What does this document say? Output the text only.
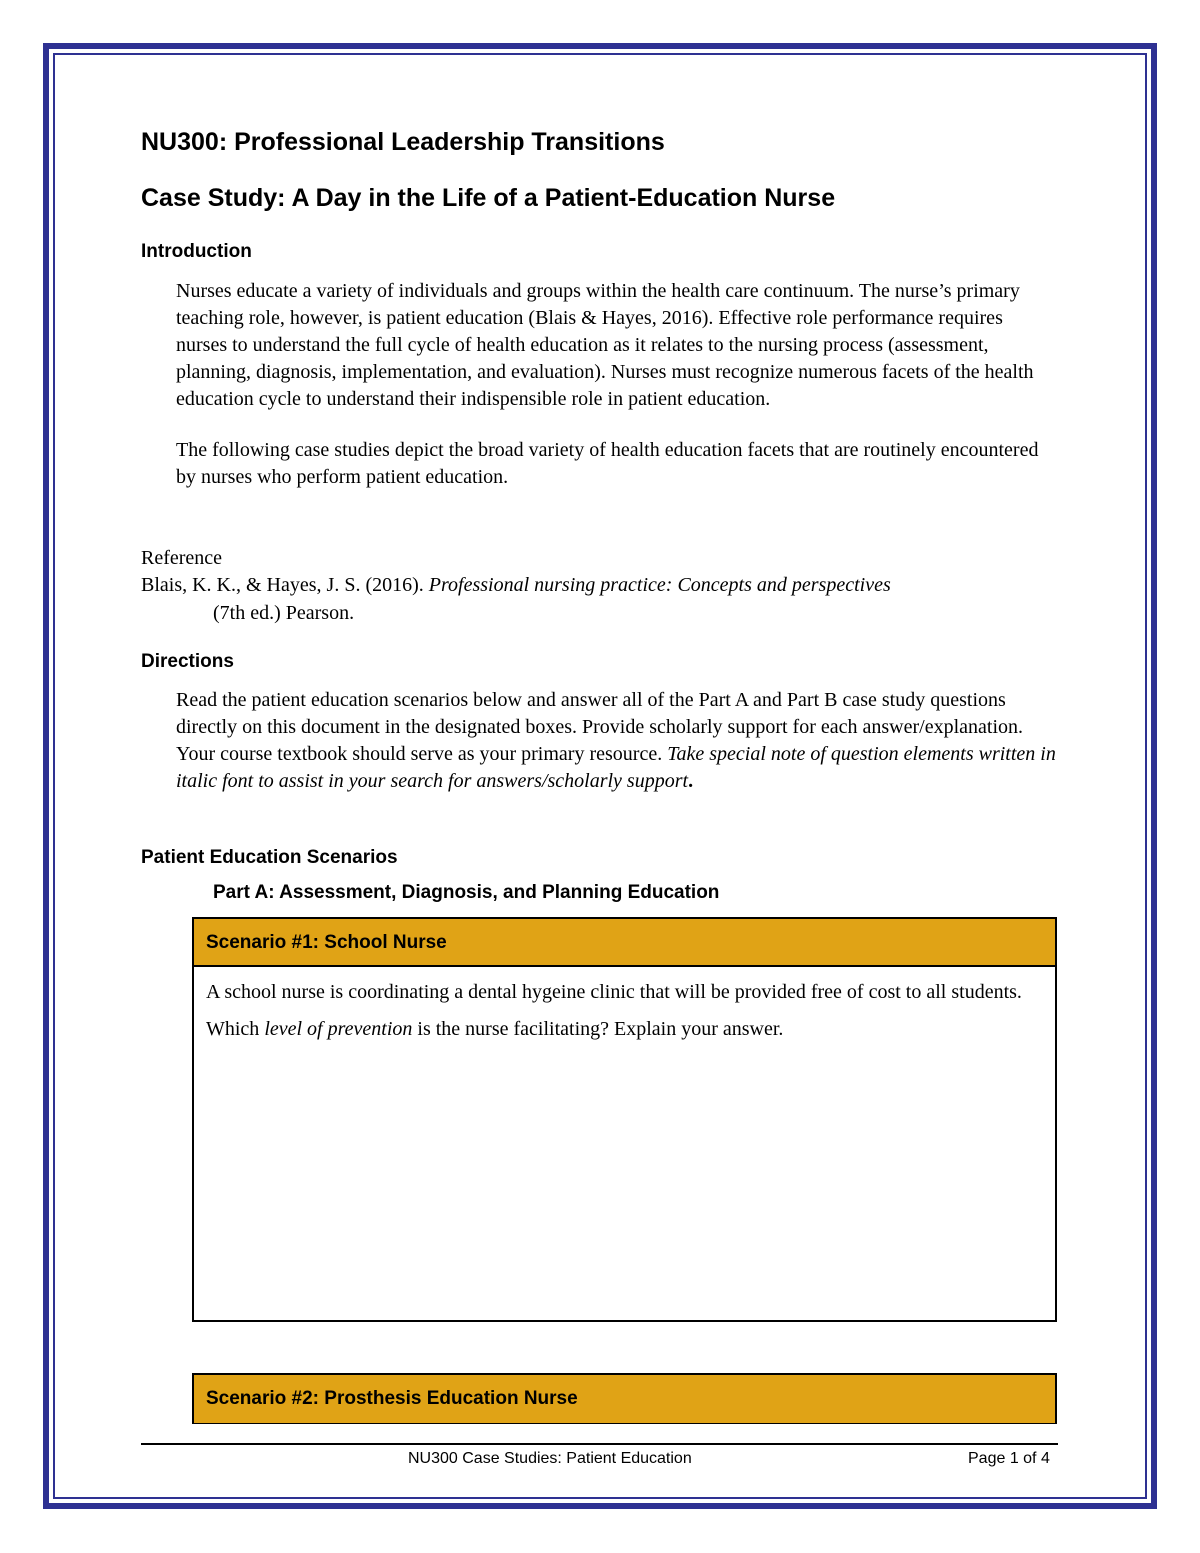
NU300: Professional Leadership Transitions
Case Study: A Day in the Life of a Patient-Education Nurse
Introduction

Nurses educate a variety of individuals and groups within the health care continuum. The nurse’s primary teaching role, however, is patient education (Blais & Hayes, 2016). Effective role performance requires nurses to understand the full cycle of health education as it relates to the nursing process (assessment, planning, diagnosis, implementation, and evaluation). Nurses must recognize numerous facets of the health education cycle to understand their indispensible role in patient education.

The following case studies depict the broad variety of health education facets that are routinely encountered by nurses who perform patient education.

Reference
Blais, K. K., & Hayes, J. S. (2016). Professional nursing practice: Concepts and perspectives
(7th ed.) Pearson.
Directions

Read the patient education scenarios below and answer all of the Part A and Part B case study questions directly on this document in the designated boxes. Provide scholarly support for each answer/explanation. Your course textbook should serve as your primary resource. Take special note of question elements written in italic font to assist in your search for answers/scholarly support.

Patient Education Scenarios
Part A: Assessment, Diagnosis, and Planning Education
Scenario #1: School Nurse

A school nurse is coordinating a dental hygeine clinic that will be provided free of cost to all students.

Which level of prevention is the nurse facilitating? Explain your answer.

Scenario #2: Prosthesis Education Nurse
NU300 Case Studies: Patient Education	Page 1 of 4
